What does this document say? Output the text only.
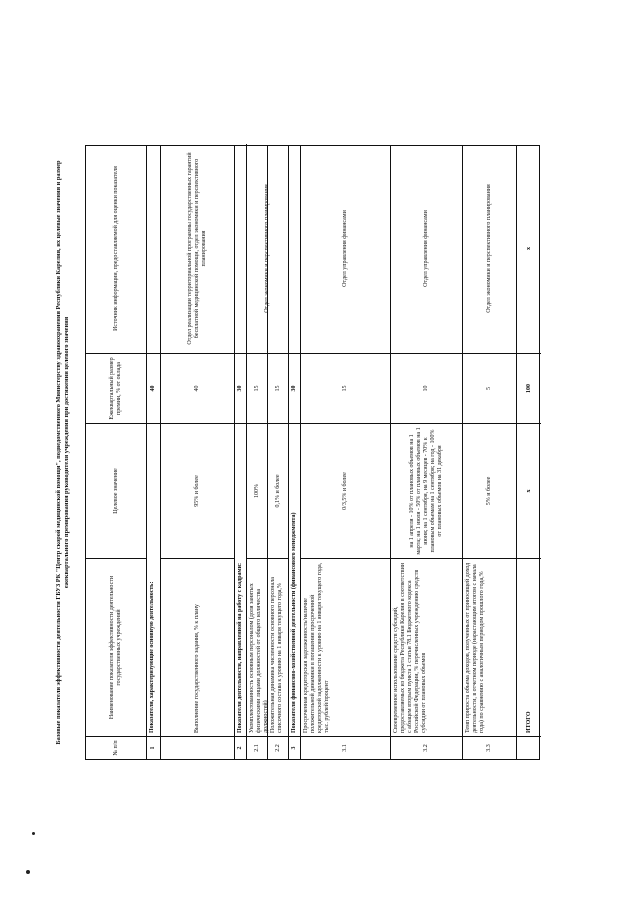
Базовые показатели эффективности деятельности ГБУЗ РК "Центр скорой медицинской помощи", подведомственного Министерству здравоохранения Республики Карелия, их целевые значения и размер ежеквартального премирования руководителя учреждения при достижении целевого значения
№ п/п
Наименование показателя эффективности деятельности государственных учреждений
Целевое значение
Ежеквартальный размер премии, % от оклада
Источник информации, предоставляемой для оценки показателя
1
Показатели, характеризующие основную деятельность:
40
Выполнение государственного задания, % к плану
95% и более
40
Отдел реализации территориальной программы государственных гарантий бесплатной медицинской помощи, отдел экономики и перспективного планирования
2
Показатели деятельности, направленной на работу с кадрами:
30
2.1
Укомплектованность основным персоналом (доля занятых физическими лицами должностей от общего количества должностей)
100%
15
2.2
Положительная динамика численности основного персонала списочного состава к уровню на 1 января текущего года,%
0,1% и более
15
Отдел экономики и перспективного планирования
3
Показатели финансово-хозяйственной деятельности (финансового менеджмента)
30
3.1
Просроченная кредиторская задолженность/наличие положительной динамики в погашении просроченной кредиторской задолженности к уровню на 1 января текущего года, тыс. рублей/процент
0/3,5% и более
15
Отдел управления финансами
3.2
Своевременное использование средств субсидий, предоставляемых из бюджета Республики Карелия в соответствии с абзацем вторым пункта 1 статьи 78.1 Бюджетного кодекса Российской Федерации, % перечисленных учреждению средств субсидии от плановых объемов
на 1 апреля - 10% от плановых объемов на 1 марта; на 1 июля - 50% от плановых объемов на 1 июня; на 1 сентября, на 9 месяцев - 70% к плановым объемам на 1 сентября; на год - 100% от плановых объемов на 31 декабря
10
Отдел управления финансами
3.3
Темп прироста объема доходов, полученных от приносящей доход деятельности, в отчетном периоде (нарастающим итогом с начала года) по сравнению с аналогичным периодом прошлого года,%
5% и более
5
Отдел экономики и перспективного планирования
ИТОГО
х
100
х
